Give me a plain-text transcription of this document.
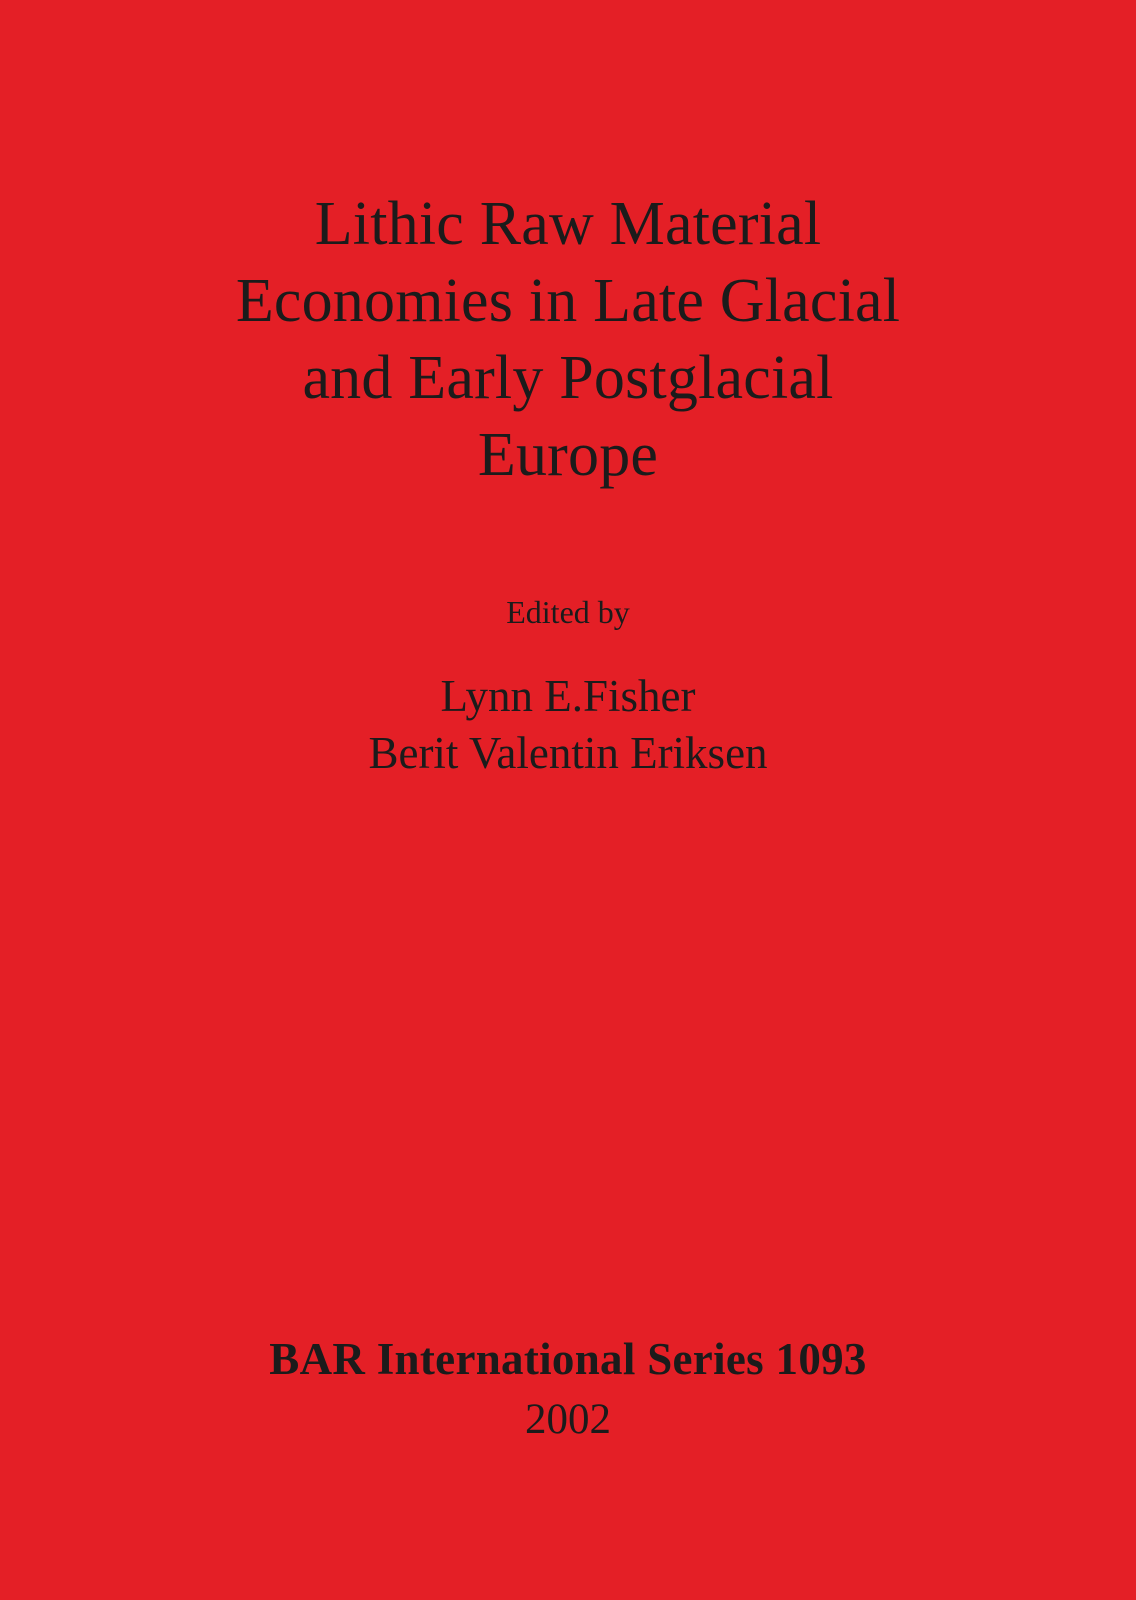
Lithic Raw Material
Economies in Late Glacial
and Early Postglacial
Europe
Edited by
Lynn E.Fisher
Berit Valentin Eriksen
BAR International Series 1093
2002
